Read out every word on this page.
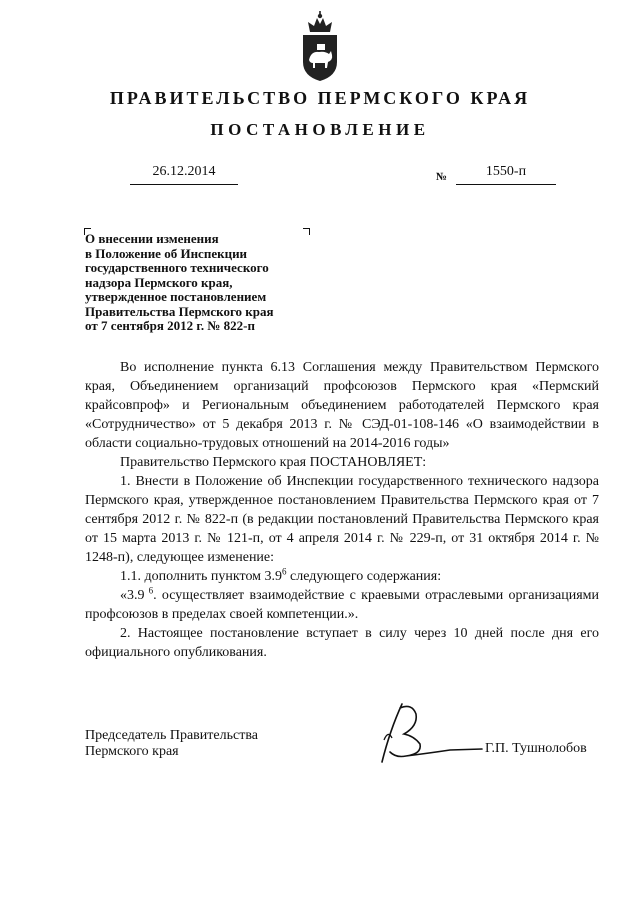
ПРАВИТЕЛЬСТВО ПЕРМСКОГО КРАЯ
ПОСТАНОВЛЕНИЕ
26.12.2014	№	1550-п
О внесении изменения
в Положение об Инспекции
государственного технического
надзора Пермского края,
утвержденное постановлением
Правительства Пермского края
от 7 сентября 2012 г. № 822-п

Во исполнение пункта 6.13 Соглашения между Правительством Пермского края, Объединением организаций профсоюзов Пермского края «Пермский крайсовпроф» и Региональным объединением работодателей Пермского края «Сотрудничество» от 5 декабря 2013 г. № СЭД-01-108-146 «О взаимодействии в области социально-трудовых отношений на 2014-2016 годы»

Правительство Пермского края ПОСТАНОВЛЯЕТ:

1. Внести в Положение об Инспекции государственного технического надзора Пермского края, утвержденное постановлением Правительства Пермского края от 7 сентября 2012 г. № 822-п (в редакции постановлений Правительства Пермского края от 15 марта 2013 г. № 121-п, от 4 апреля 2014 г. № 229-п, от 31 октября 2014 г. № 1248-п), следующее изменение:

1.1. дополнить пунктом $3.9^6$ следующего содержания:

«3.9 $^6$. осуществляет взаимодействие с краевыми отраслевыми организациями профсоюзов в пределах своей компетенции.».

2. Настоящее постановление вступает в силу через 10 дней после дня его официального опубликования.

Председатель Правительства
Пермского края	Г.П. Тушнолобов
